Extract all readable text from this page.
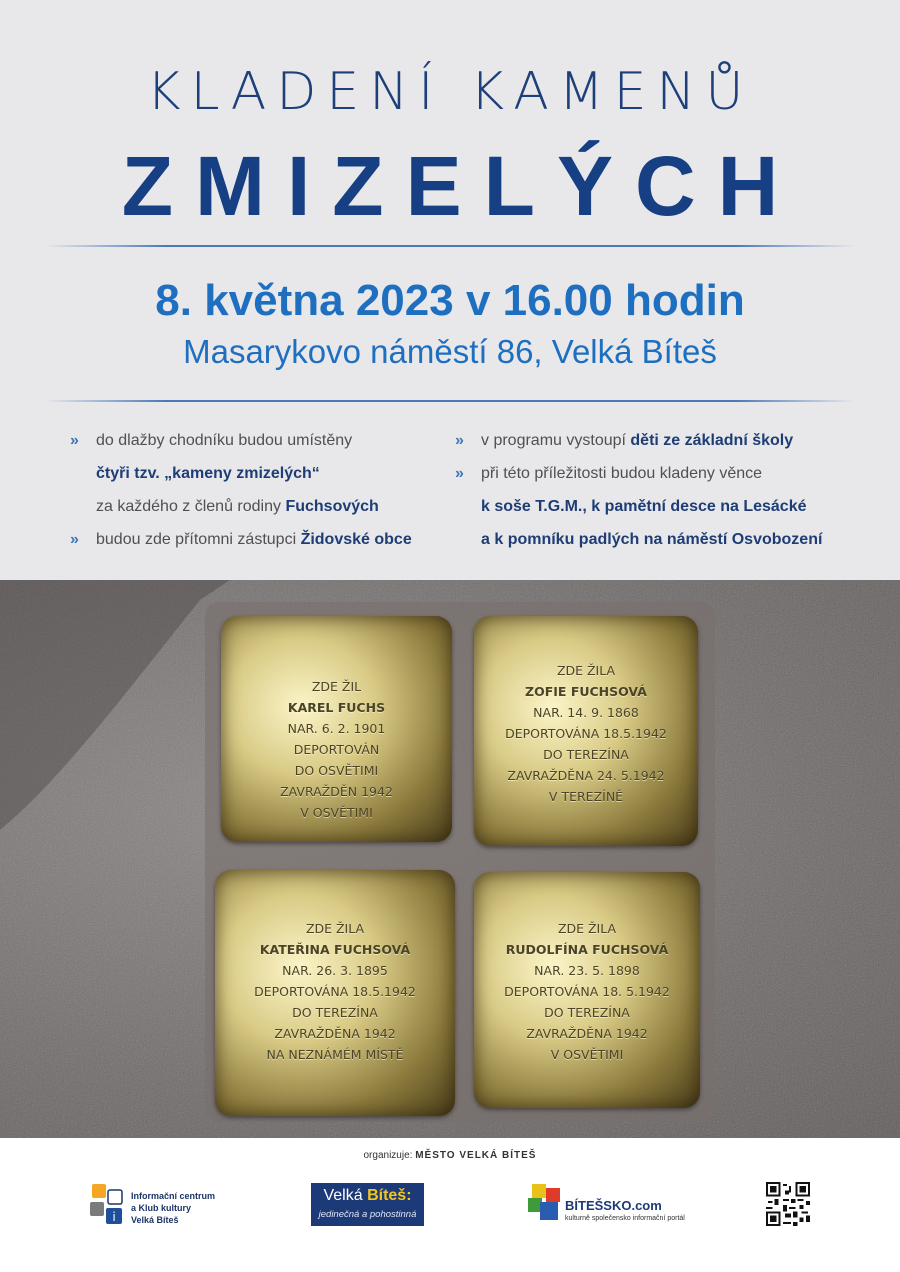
KLADENÍ KAMENŮ
ZMIZELÝCH
8. května 2023 v 16.00 hodin
Masarykovo náměstí 86, Velká Bíteš
» do dlažby chodníku budou umístěny
čtyři tzv. „kameny zmizelých“
za každého z členů rodiny Fuchsových
» budou zde přítomni zástupci Židovské obce
» v programu vystoupí děti ze základní školy
» při této příležitosti budou kladeny věnce
k soše T.G.M., k pamětní desce na Lesácké
a k pomníku padlých na náměstí Osvobození
ZDE ŽIL
KAREL FUCHS
NAR. 6. 2. 1901
DEPORTOVÁN
DO OSVĚTIMI
ZAVRAŽDĚN 1942
V OSVĚTIMI
ZDE ŽILA
ZOFIE FUCHSOVÁ
NAR. 14. 9. 1868
DEPORTOVÁNA 18.5.1942
DO TEREZÍNA
ZAVRAŽDĚNA 24. 5.1942
V TEREZÍNĚ
ZDE ŽILA
KATEŘINA FUCHSOVÁ
NAR. 26. 3. 1895
DEPORTOVÁNA 18.5.1942
DO TEREZÍNA
ZAVRAŽDĚNA 1942
NA NEZNÁMÉM MÍSTĚ
ZDE ŽILA
RUDOLFÍNA FUCHSOVÁ
NAR. 23. 5. 1898
DEPORTOVÁNA 18. 5.1942
DO TEREZÍNA
ZAVRAŽDĚNA 1942
V OSVĚTIMI
organizuje: MĚSTO VELKÁ BÍTEŠ
i
Informační centrum
a Klub kultury
Velká Bíteš
Velká Bíteš:
jedinečná a pohostinná
BÍTEŠSKO.com
kulturně společensko informační portál
